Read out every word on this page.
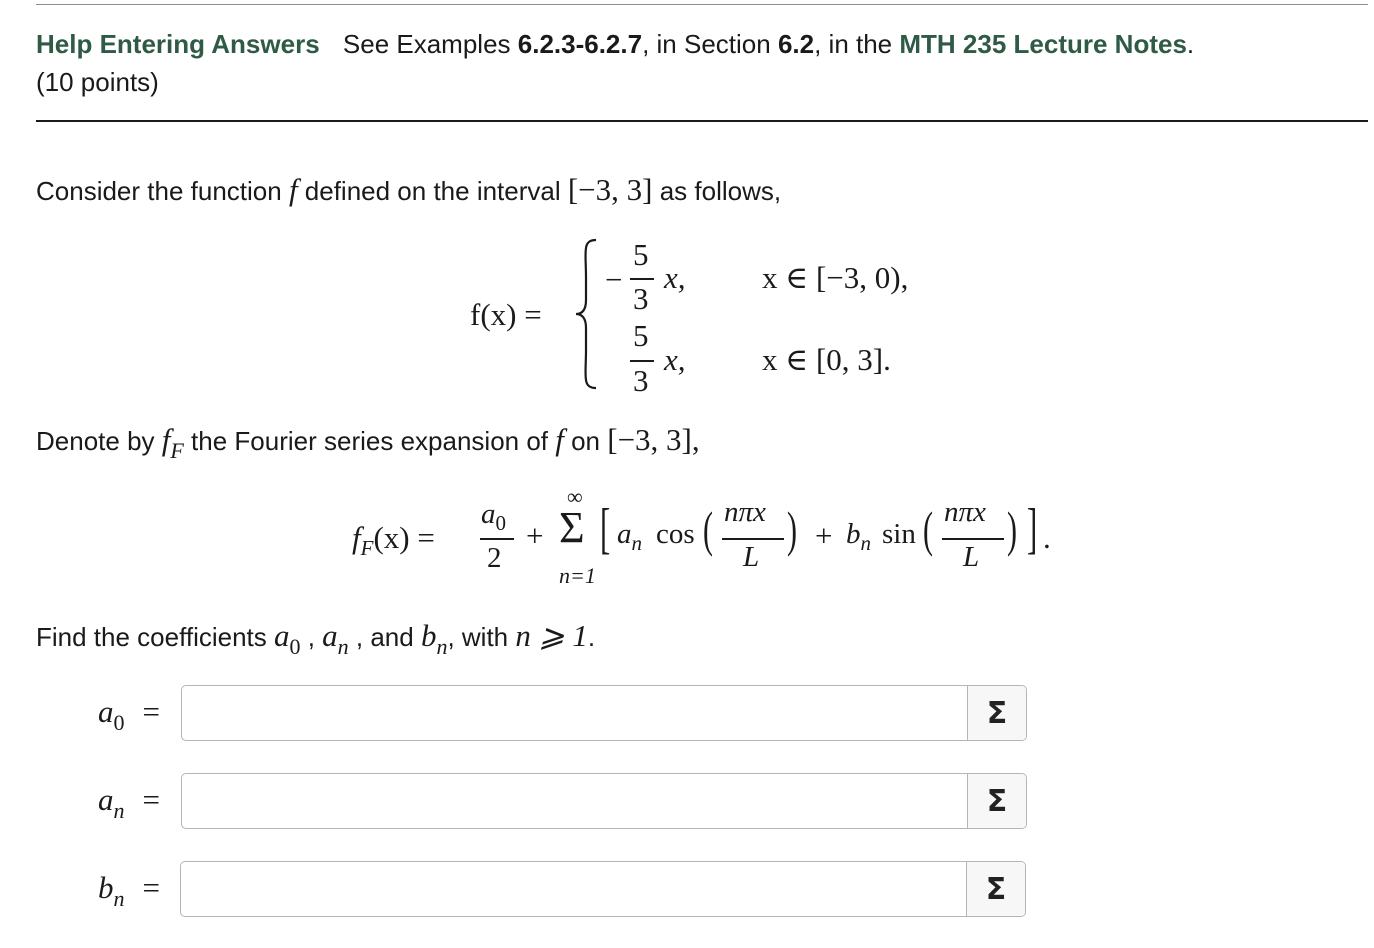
Help Entering Answers See Examples 6.2.3-6.2.7, in Section 6.2, in the MTH 235 Lecture Notes.
(10 points)
Consider the function f defined on the interval [−3, 3] as follows,
f(x) =
−
5
3
x, x ∈ [−3, 0),
5
3
x, x ∈ [0, 3].
Denote by $f_F$ the Fourier series expansion of f on [−3, 3],
$f_F(x)$ =
$a_0$
2
+
∞
Σ
n=1
[ $a_n$ cos ( nπx
L ) + $b_n$ sin ( nπx
L ) ] .
Find the coefficients $a_0$ , $a_n$ , and $b_n$, with n ⩾ 1.
$a_0$ =	Σ
$a_n$ =	Σ
$b_n$ =	Σ
